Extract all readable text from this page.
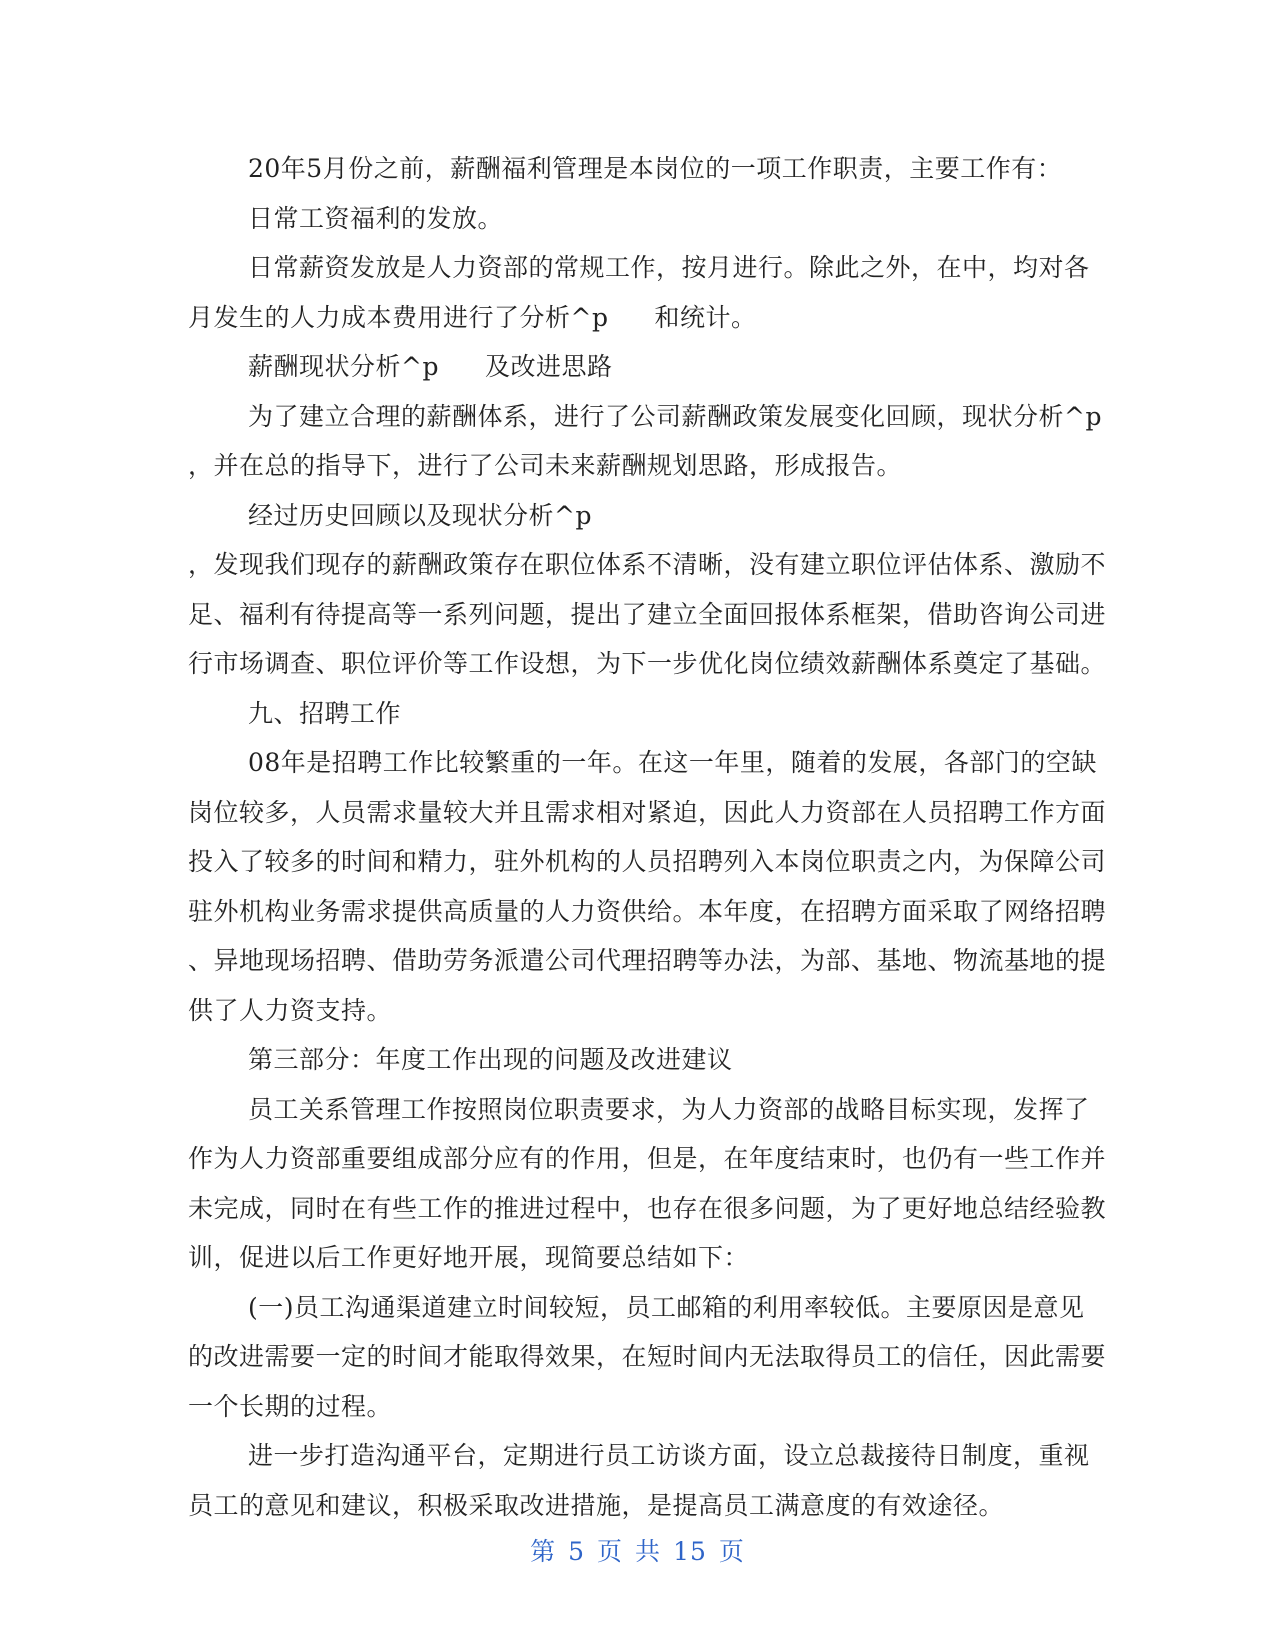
20年5月份之前，薪酬福利管理是本岗位的一项工作职责，主要工作有：

日常工资福利的发放。

日常薪资发放是人力资部的常规工作，按月进行。除此之外，在中，均对各
月发生的人力成本费用进行了分析^p 和统计。

薪酬现状分析^p 及改进思路

为了建立合理的薪酬体系，进行了公司薪酬政策发展变化回顾，现状分析^p
，并在总的指导下，进行了公司未来薪酬规划思路，形成报告。

经过历史回顾以及现状分析^p
，发现我们现存的薪酬政策存在职位体系不清晰，没有建立职位评估体系、激励不
足、福利有待提高等一系列问题，提出了建立全面回报体系框架，借助咨询公司进
行市场调查、职位评价等工作设想，为下一步优化岗位绩效薪酬体系奠定了基础。

九、招聘工作

08年是招聘工作比较繁重的一年。在这一年里，随着的发展，各部门的空缺
岗位较多，人员需求量较大并且需求相对紧迫，因此人力资部在人员招聘工作方面
投入了较多的时间和精力，驻外机构的人员招聘列入本岗位职责之内，为保障公司
驻外机构业务需求提供高质量的人力资供给。本年度，在招聘方面采取了网络招聘
、异地现场招聘、借助劳务派遣公司代理招聘等办法，为部、基地、物流基地的提
供了人力资支持。

第三部分：年度工作出现的问题及改进建议

员工关系管理工作按照岗位职责要求，为人力资部的战略目标实现，发挥了
作为人力资部重要组成部分应有的作用，但是，在年度结束时，也仍有一些工作并
未完成，同时在有些工作的推进过程中，也存在很多问题，为了更好地总结经验教
训，促进以后工作更好地开展，现简要总结如下：

(一)员工沟通渠道建立时间较短，员工邮箱的利用率较低。主要原因是意见
的改进需要一定的时间才能取得效果，在短时间内无法取得员工的信任，因此需要
一个长期的过程。

进一步打造沟通平台，定期进行员工访谈方面，设立总裁接待日制度，重视
员工的意见和建议，积极采取改进措施，是提高员工满意度的有效途径。

第 5 页 共 15 页
